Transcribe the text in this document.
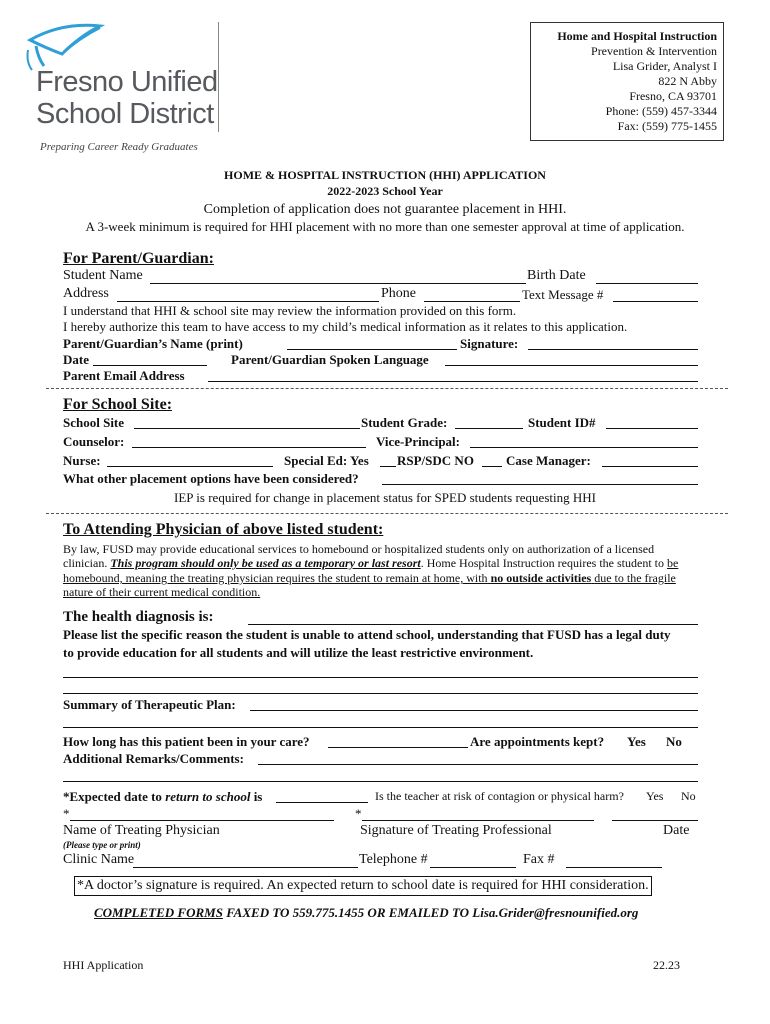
Fresno Unified
School District
Preparing Career Ready Graduates
Home and Hospital Instruction
Prevention & Intervention
Lisa Grider, Analyst I
822 N Abby
Fresno, CA 93701
Phone: (559) 457-3344
Fax: (559) 775-1455
HOME & HOSPITAL INSTRUCTION (HHI) APPLICATION
2022-2023 School Year
Completion of application does not guarantee placement in HHI.
A 3-week minimum is required for HHI placement with no more than one semester approval at time of application.
For Parent/Guardian:
Student Name	Birth Date
Address	Phone	Text Message #
I understand that HHI & school site may review the information provided on this form.
I hereby authorize this team to have access to my child’s medical information as it relates to this application.
Parent/Guardian’s Name (print)	Signature:
Date	Parent/Guardian Spoken Language
Parent Email Address
For School Site:
School Site	Student Grade:	Student ID#
Counselor:	Vice-Principal:
Nurse:	Special Ed: Yes RSP/SDC NO Case Manager:
What other placement options have been considered?
IEP is required for change in placement status for SPED students requesting HHI
To Attending Physician of above listed student:
By law, FUSD may provide educational services to homebound or hospitalized students only on authorization of a licensed
clinician. This program should only be used as a temporary or last resort. Home Hospital Instruction requires the student to be
homebound, meaning the treating physician requires the student to remain at home, with no outside activities due to the fragile
nature of their current medical condition.
The health diagnosis is:
Please list the specific reason the student is unable to attend school, understanding that FUSD has a legal duty
to provide education for all students and will utilize the least restrictive environment.
Summary of Therapeutic Plan:
How long has this patient been in your care?	Are appointments kept? Yes No
Additional Remarks/Comments:
*Expected date to return to school is	Is the teacher at risk of contagion or physical harm? Yes No
*	*
Name of Treating Physician	Signature of Treating Professional	Date
(Please type or print)
Clinic Name	Telephone #	Fax #
*A doctor’s signature is required. An expected return to school date is required for HHI consideration.
COMPLETED FORMS FAXED TO 559.775.1455 OR EMAILED TO Lisa.Grider@fresnounified.org
HHI Application	22.23
